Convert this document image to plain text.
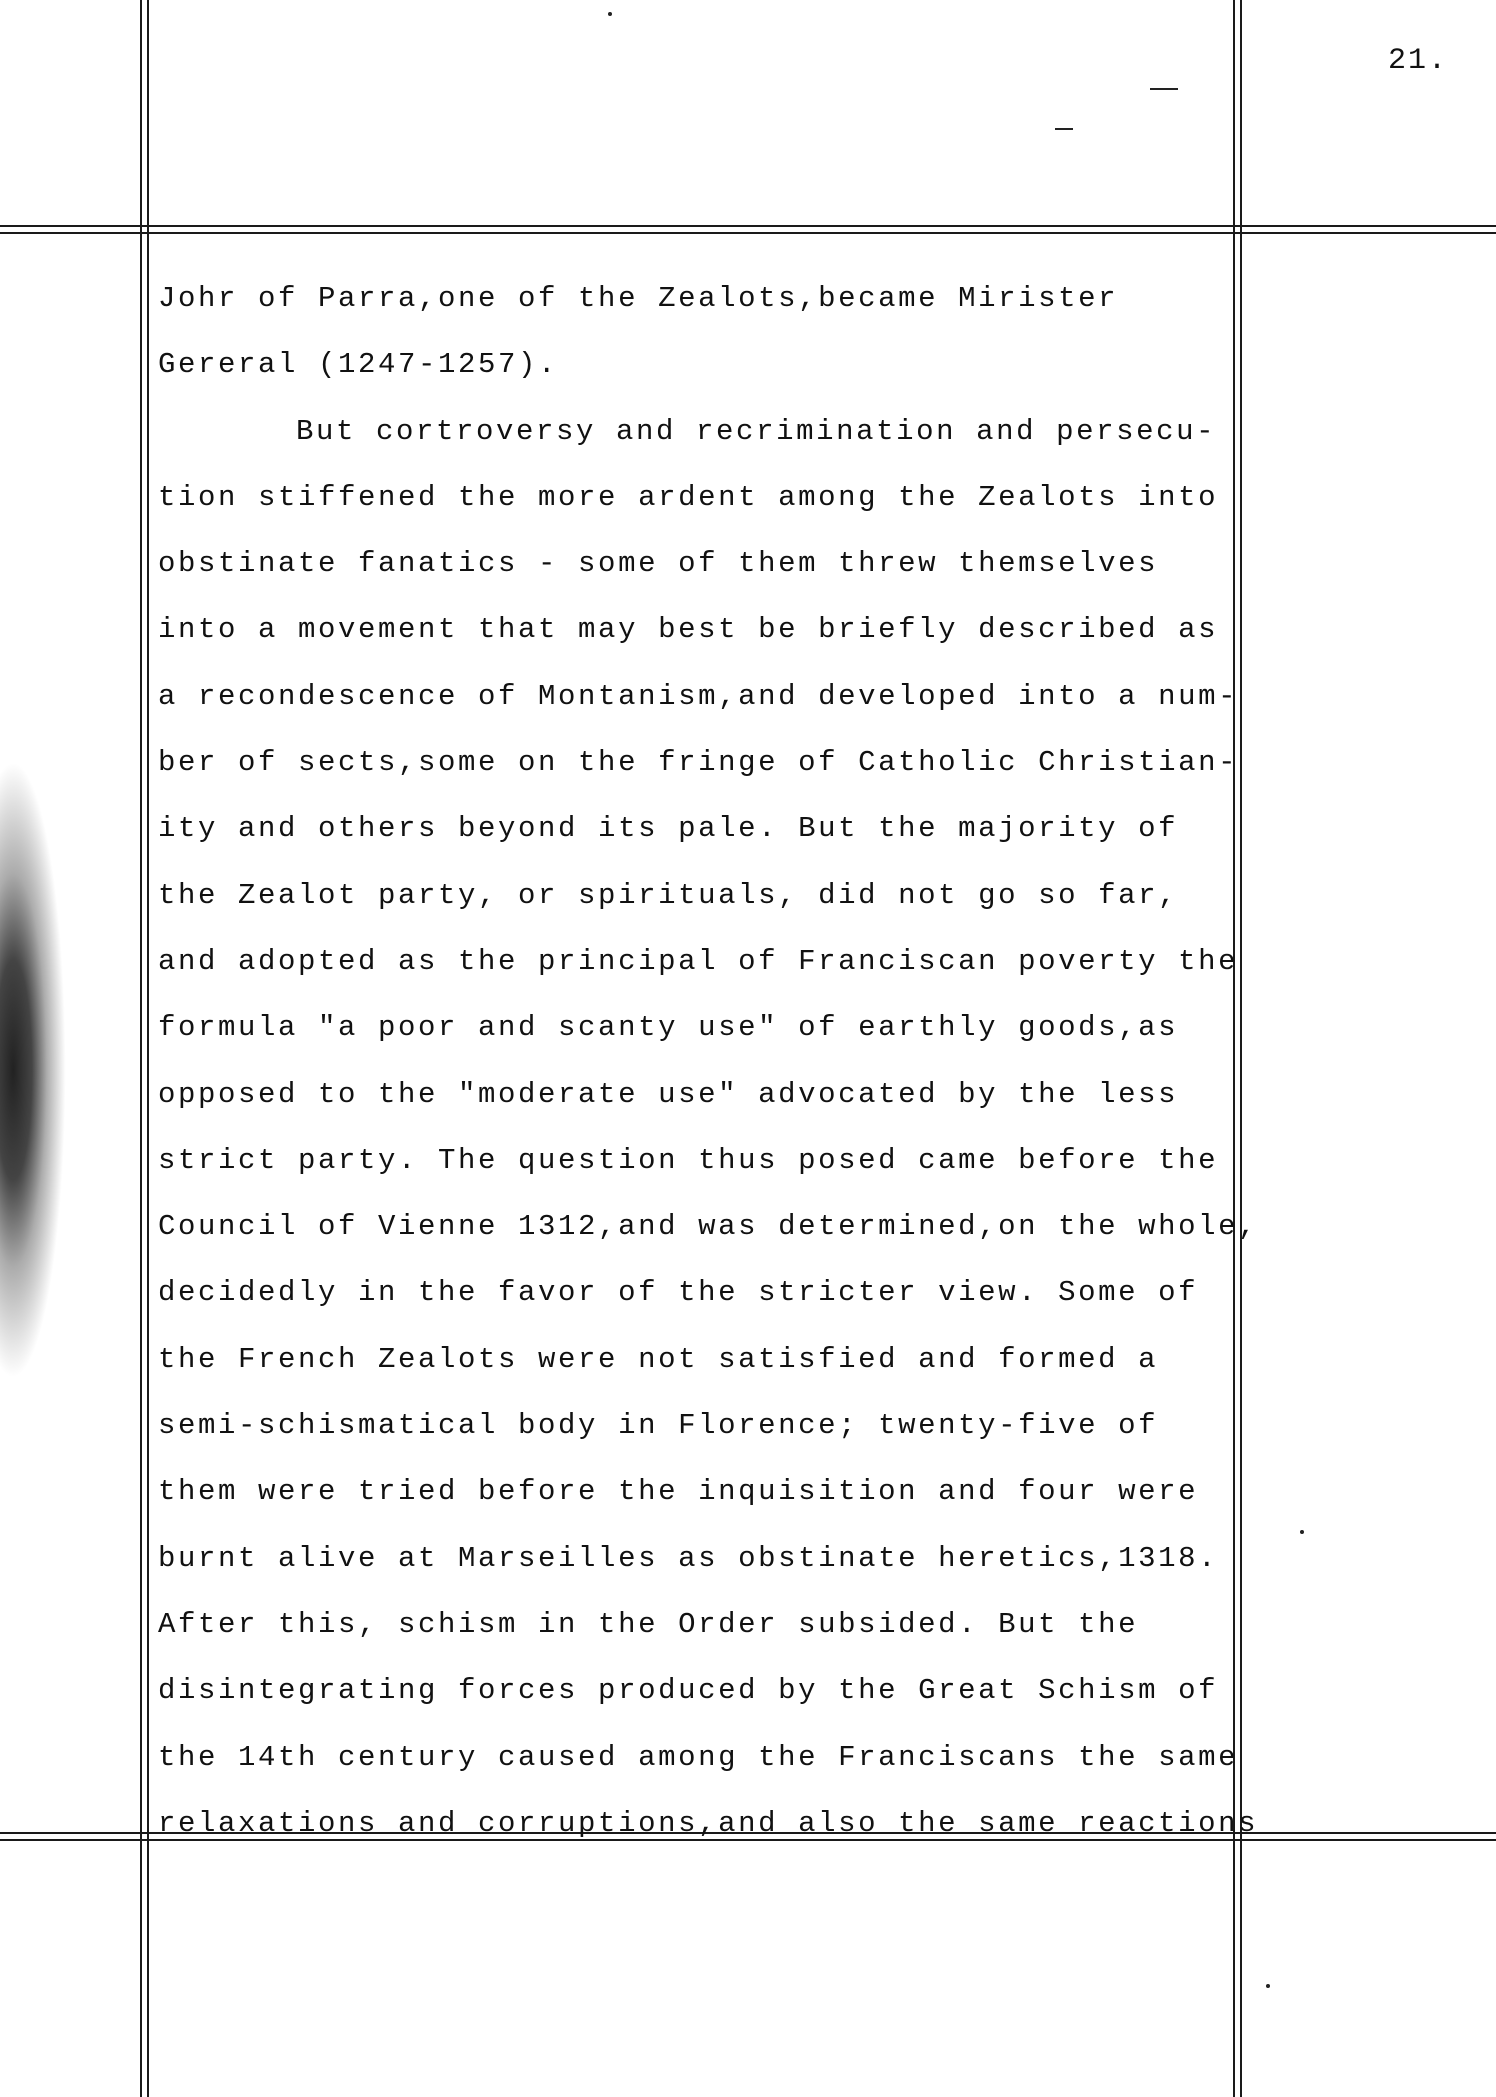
21.
Johr of Parra,one of the Zealots,became Mirister
Gereral (1247-1257).
But cortroversy and recrimination and persecu-
tion stiffened the more ardent among the Zealots into
obstinate fanatics - some of them threw themselves
into a movement that may best be briefly described as
a recondescence of Montanism,and developed into a num-
ber of sects,some on the fringe of Catholic Christian-
ity and others beyond its pale. But the majority of
the Zealot party, or spirituals, did not go so far,
and adopted as the principal of Franciscan poverty the
formula "a poor and scanty use" of earthly goods,as
opposed to the "moderate use" advocated by the less
strict party. The question thus posed came before the
Council of Vienne 1312,and was determined,on the whole,
decidedly in the favor of the stricter view. Some of
the French Zealots were not satisfied and formed a
semi-schismatical body in Florence; twenty-five of
them were tried before the inquisition and four were
burnt alive at Marseilles as obstinate heretics,1318.
After this, schism in the Order subsided. But the
disintegrating forces produced by the Great Schism of
the 14th century caused among the Franciscans the same
relaxations and corruptions,and also the same reactions
